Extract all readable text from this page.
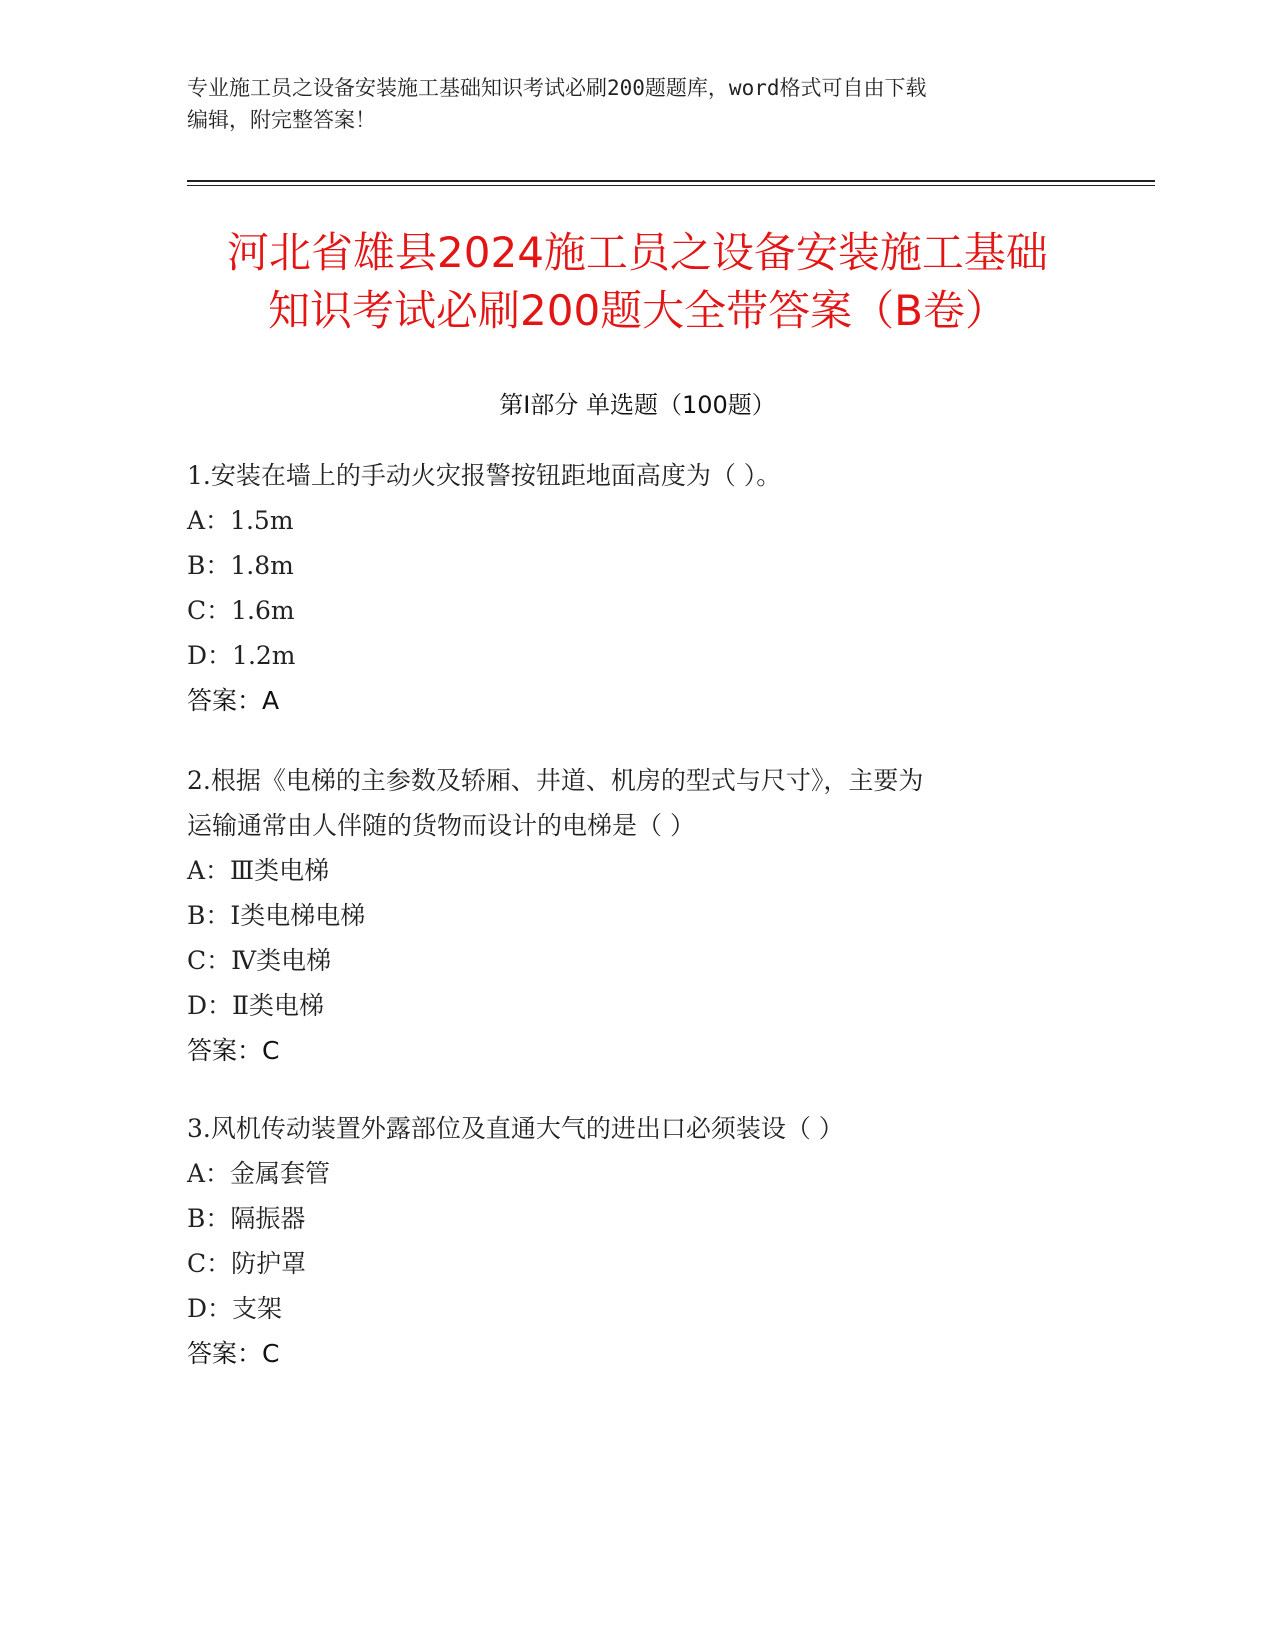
专业施工员之设备安装施工基础知识考试必刷200题题库，word格式可自由下载
编辑，附完整答案！
河北省雄县2024施工员之设备安装施工基础
知识考试必刷200题大全带答案（B卷）
第Ⅰ部分 单选题（100题）
1.安装在墙上的手动火灾报警按钮距地面高度为（ ）。
A：1.5m
B：1.8m
C：1.6m
D：1.2m
答案：A
2.根据《电梯的主参数及轿厢、井道、机房的型式与尺寸》，主要为
运输通常由人伴随的货物而设计的电梯是（ ）
A：Ⅲ类电梯
B：Ⅰ类电梯电梯
C：Ⅳ类电梯
D：Ⅱ类电梯
答案：C
3.风机传动装置外露部位及直通大气的进出口必须装设（ ）
A：金属套管
B：隔振器
C：防护罩
D：支架
答案：C
